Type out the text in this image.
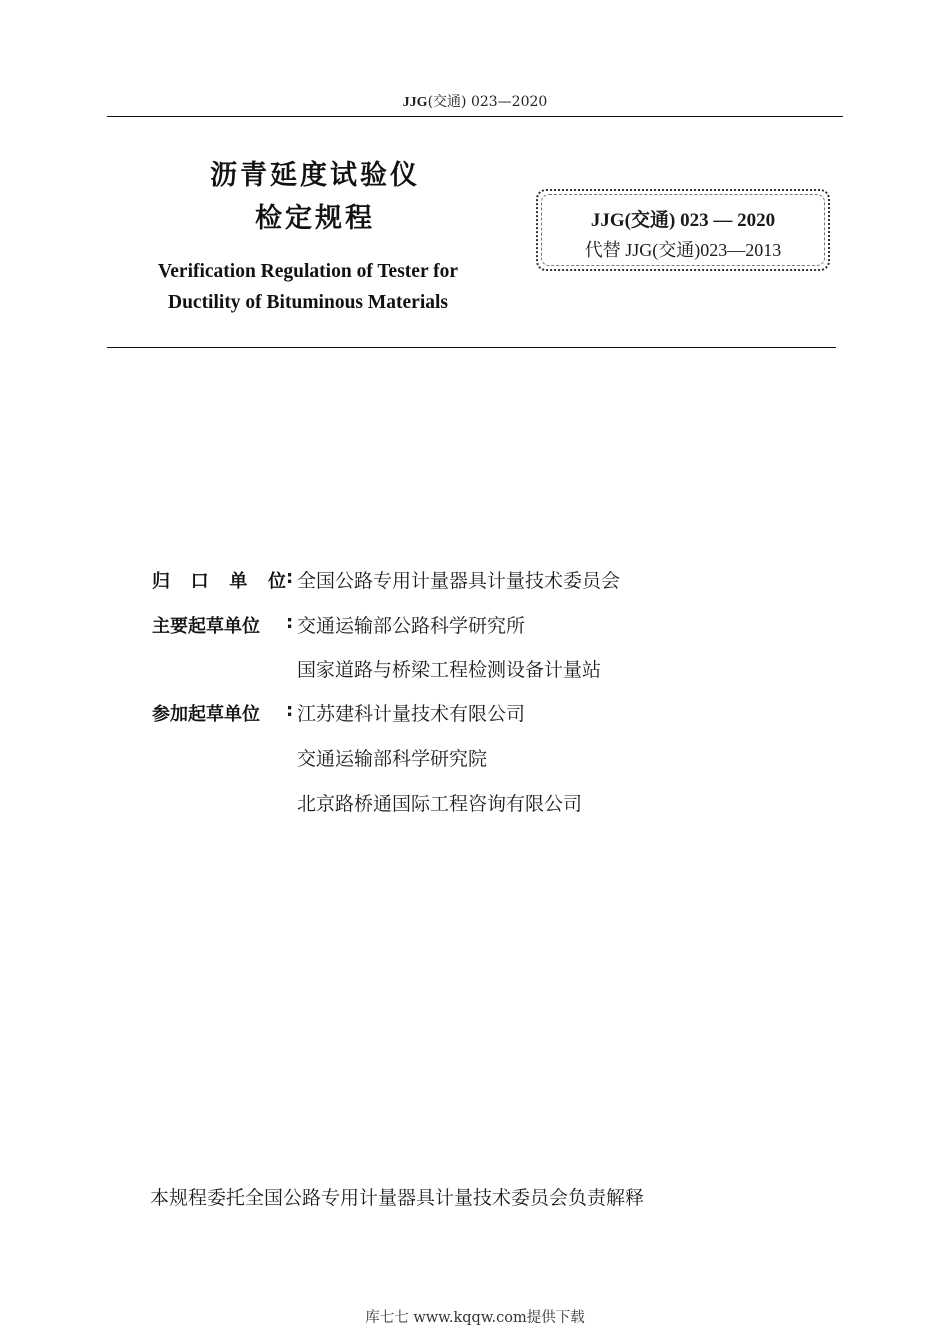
JJG(交通) 023—2020
沥青延度试验仪
检定规程
Verification Regulation of Tester for
Ductility of Bituminous Materials
JJG(交通) 023 — 2020
代替 JJG(交通)023—2013
归 口 单 位 : 全国公路专用计量器具计量技术委员会
主要起草单位	: 交通运输部公路科学研究所
国家道路与桥梁工程检测设备计量站
参加起草单位	: 江苏建科计量技术有限公司
交通运输部科学研究院
北京路桥通国际工程咨询有限公司
本规程委托全国公路专用计量器具计量技术委员会负责解释
库七七 www.kqqw.com提供下载
